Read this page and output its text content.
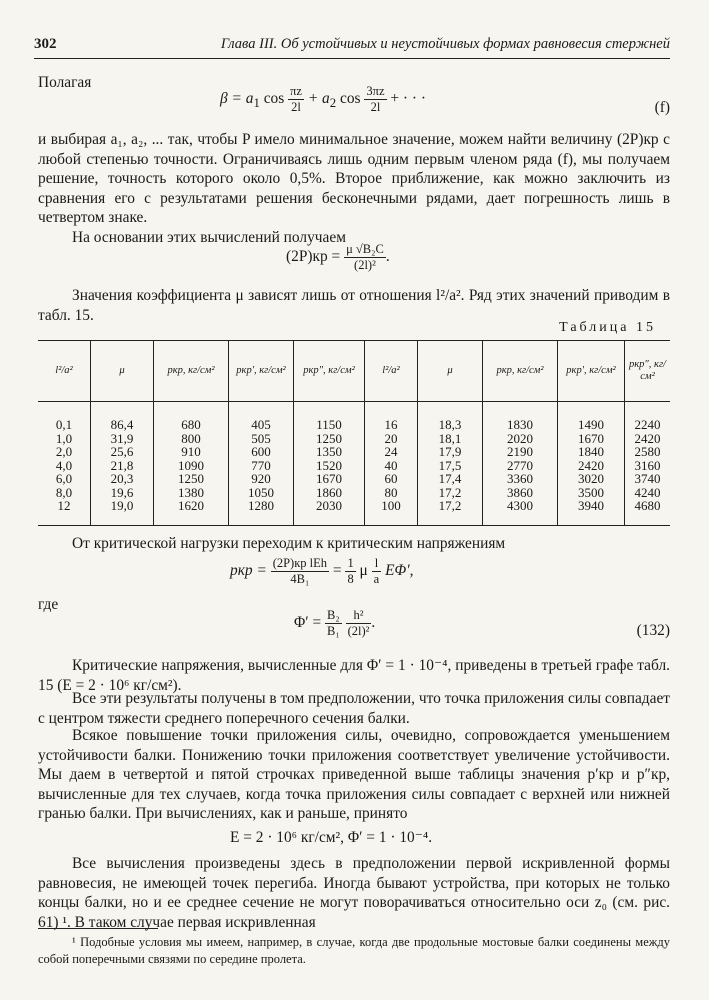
302	Глава III. Об устойчивых и неустойчивых формах равновесия стержней
Полагая
$\beta = a_1$ $\cos \frac{\pi z}{2l} + a_2$ $\cos \frac{3\pi z}{2l}$ + · · ·
(f)
и выбирая a₁, a₂, ... так, чтобы P имело минимальное значение, можем найти величину (2P)кр с любой степенью точности. Ограничиваясь лишь одним первым членом ряда (f), мы получаем решение, точность которого около 0,5%. Второе приближение, как можно заключить из сравнения его с результатами решения бесконечными рядами, дает погрешность лишь в четвертом знаке.
На основании этих вычислений получаем
$(2P)кр = \frac{\text{μ √B₂C}}{\text{(2l)²}}$ .
Значения коэффициента μ зависят лишь от отношения l²/a². Ряд этих значений приводим в табл. 15.
Таблица 15
l²/a²	μ	pкр, кг/см²	pкр′, кг/см²	pкр″, кг/см²	l²/a²	μ	pкр, кг/см²	pкр′, кг/см²	pкр″, кг/см²
0,1	86,4	680	405	1150	16	18,3	1830	1490	2240
1,0	31,9	800	505	1250	20	18,1	2020	1670	2420
2,0	25,6	910	600	1350	24	17,9	2190	1840	2580
4,0	21,8	1090	770	1520	40	17,5	2770	2420	3160
6,0	20,3	1250	920	1670	60	17,4	3360	3020	3740
8,0	19,6	1380	1050	1860	80	17,2	3860	3500	4240
12	19,0	1620	1280	2030	100	17,2	4300	3940	4680
От критической нагрузки переходим к критическим напряжениям
pкр = $\frac{\text{(2P)кр lEh}}{\text{4B₁}} = \frac{1}{8}$ μ $\frac{l}{a} E\Phi'$,
где
$\Phi' = \frac{\text{B₂}}{\text{B₁}}$
$\frac{\text{h²}}{\text{(2l)²}}$ .	(132)
Критические напряжения, вычисленные для Φ′ = 1 · 10⁻⁴, приведены в третьей графе табл. 15 (E = 2 · 10⁶ кг/см²).
Все эти результаты получены в том предположении, что точка приложения силы совпадает с центром тяжести среднего поперечного сечения балки.
Всякое повышение точки приложения силы, очевидно, сопровождается уменьшением устойчивости балки. Понижению точки приложения соответствует увеличение устойчивости. Мы даем в четвертой и пятой строчках приведенной выше таблицы значения p′кр и p″кр, вычисленные для тех случаев, когда точка приложения силы совпадает с верхней или нижней гранью балки. При вычислениях, как и раньше, принято
E = 2 · 10⁶ кг/см², Φ′ = 1 · 10⁻⁴.
Все вычисления произведены здесь в предположении первой искривленной формы равновесия, не имеющей точек перегиба. Иногда бывают устройства, при которых не только концы балки, но и ее среднее сечение не могут поворачиваться относительно оси z₀ (см. рис. 61) ¹. В таком случае первая искривленная
¹ Подобные условия мы имеем, например, в случае, когда две продольные мостовые балки соединены между собой поперечными связями по середине пролета.
